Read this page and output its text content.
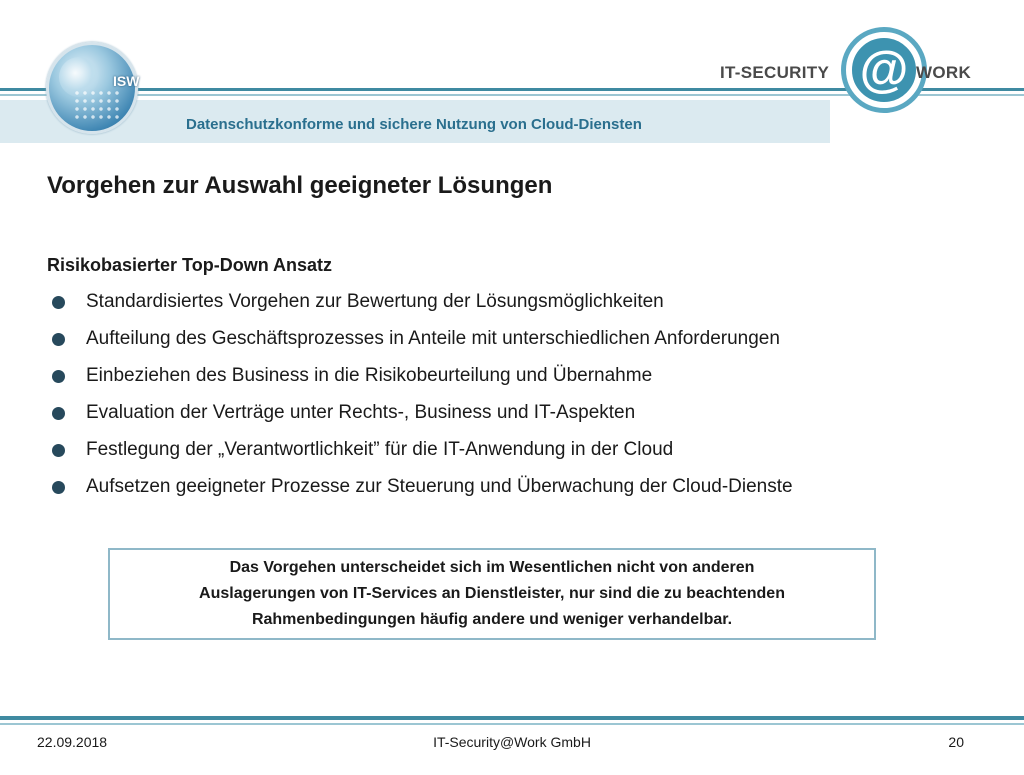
ISW	IT-SECURITY @ WORK
Datenschutzkonforme und sichere Nutzung von Cloud-Diensten
Vorgehen zur Auswahl geeigneter Lösungen
Risikobasierter Top-Down Ansatz
Standardisiertes Vorgehen zur Bewertung der Lösungsmöglichkeiten
Aufteilung des Geschäftsprozesses in Anteile mit unterschiedlichen Anforderungen
Einbeziehen des Business in die Risikobeurteilung und Übernahme
Evaluation der Verträge unter Rechts-, Business und IT-Aspekten
Festlegung der „Verantwortlichkeit” für die IT-Anwendung in der Cloud
Aufsetzen geeigneter Prozesse zur Steuerung und Überwachung der Cloud-Dienste
Das Vorgehen unterscheidet sich im Wesentlichen nicht von anderen
Auslagerungen von IT-Services an Dienstleister, nur sind die zu beachtenden
Rahmenbedingungen häufig andere und weniger verhandelbar.
IT-Security@Work GmbH
22.09.2018	20
